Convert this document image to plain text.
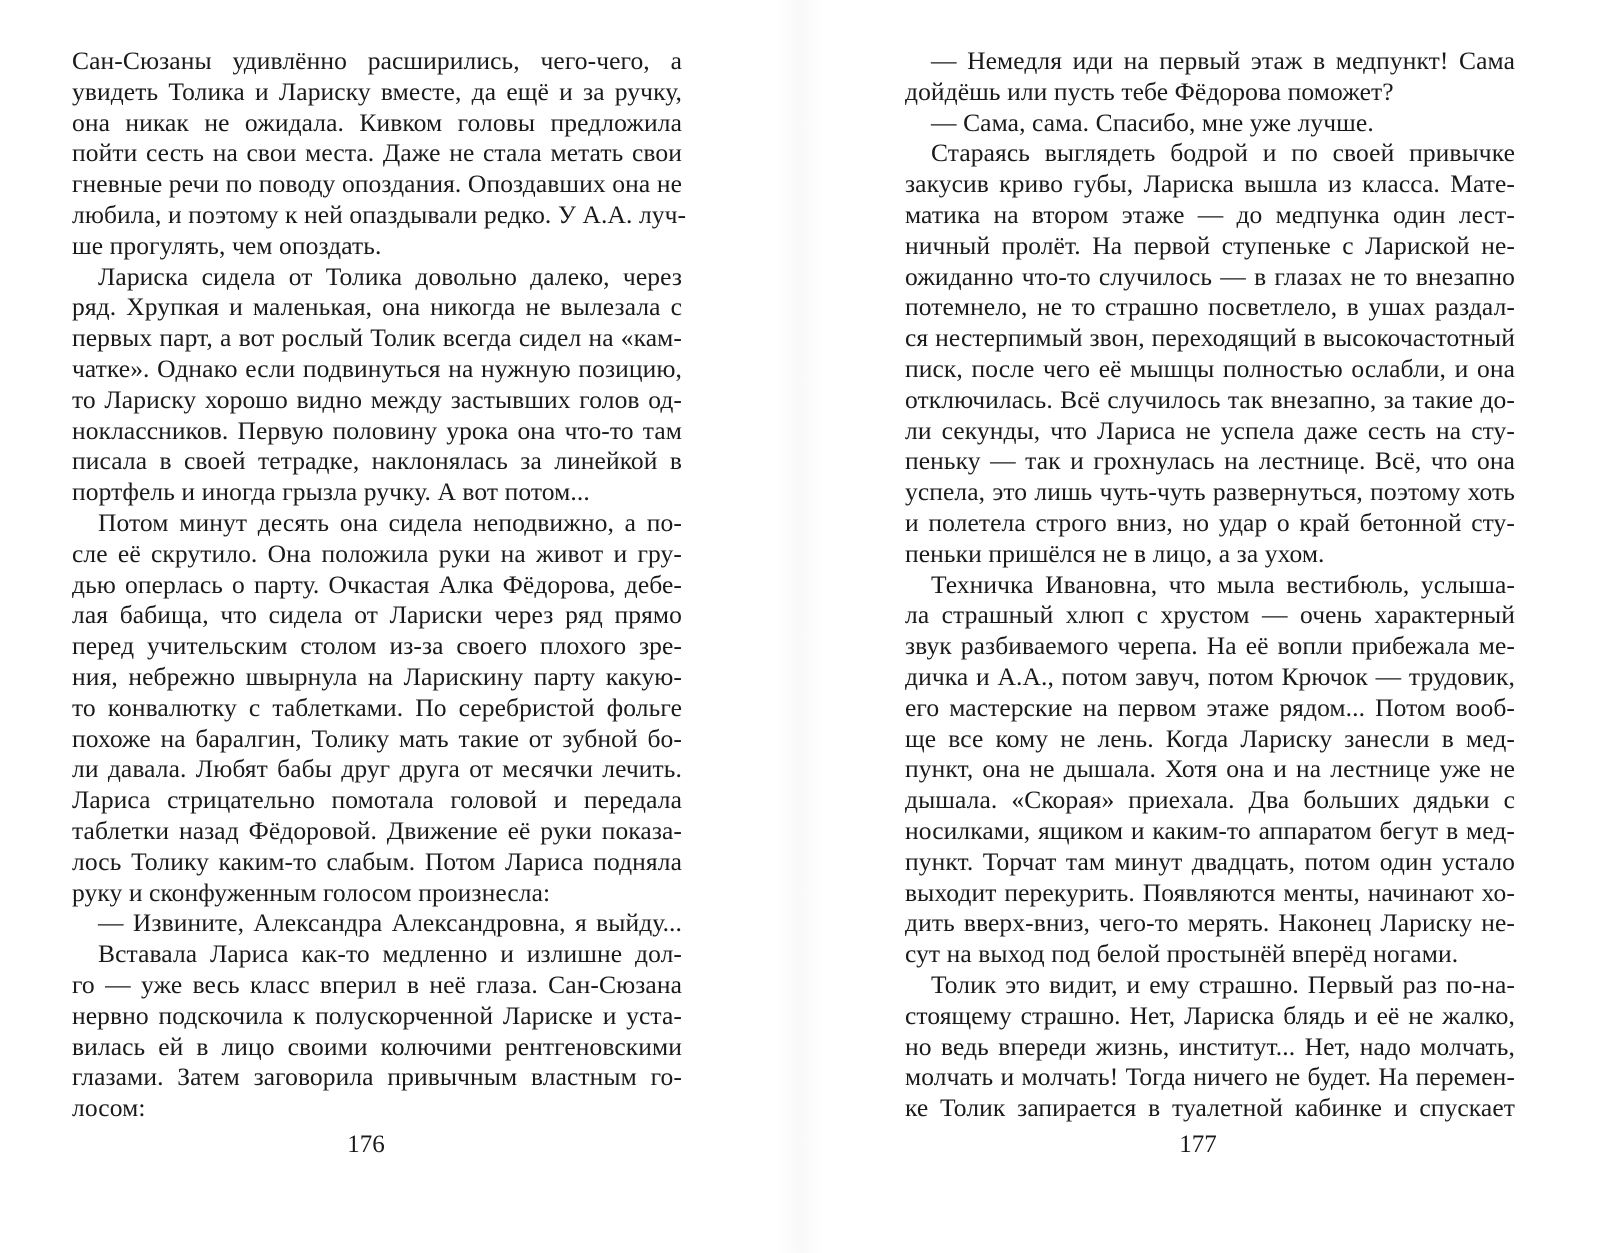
Сан-Сюзаны удивлённо расширились, чего-чего, а
увидеть Толика и Лариску вместе, да ещё и за ручку,
она никак не ожидала. Кивком головы предложила
пойти сесть на свои места. Даже не стала метать свои
гневные речи по поводу опоздания. Опоздавших она не
любила, и поэтому к ней опаздывали редко. У А.А. луч-
ше прогулять, чем опоздать.
Лариска сидела от Толика довольно далеко, через
ряд. Хрупкая и маленькая, она никогда не вылезала с
первых парт, а вот рослый Толик всегда сидел на «кам-
чатке». Однако если подвинуться на нужную позицию,
то Лариску хорошо видно между застывших голов од-
ноклассников. Первую половину урока она что-то там
писала в своей тетрадке, наклонялась за линейкой в
портфель и иногда грызла ручку. А вот потом...
Потом минут десять она сидела неподвижно, а по-
сле её скрутило. Она положила руки на живот и гру-
дью оперлась о парту. Очкастая Алка Фёдорова, дебе-
лая бабища, что сидела от Лариски через ряд прямо
перед учительским столом из-за своего плохого зре-
ния, небрежно швырнула на Ларискину парту какую-
то конвалютку с таблетками. По серебристой фольге
похоже на баралгин, Толику мать такие от зубной бо-
ли давала. Любят бабы друг друга от месячки лечить.
Лариса стрицательно помотала головой и передала
таблетки назад Фёдоровой. Движение её руки показа-
лось Толику каким-то слабым. Потом Лариса подняла
руку и сконфуженным голосом произнесла:
— Извините, Александра Александровна, я выйду...
Вставала Лариса как-то медленно и излишне дол-
го — уже весь класс вперил в неё глаза. Сан-Сюзана
нервно подскочила к полускорченной Лариске и уста-
вилась ей в лицо своими колючими рентгеновскими
глазами. Затем заговорила привычным властным го-
лосом:
176
— Немедля иди на первый этаж в медпункт! Сама
дойдёшь или пусть тебе Фёдорова поможет?
— Сама, сама. Спасибо, мне уже лучше.
Стараясь выглядеть бодрой и по своей привычке
закусив криво губы, Лариска вышла из класса. Мате-
матика на втором этаже — до медпунка один лест-
ничный пролёт. На первой ступеньке с Лариской не-
ожиданно что-то случилось — в глазах не то внезапно
потемнело, не то страшно посветлело, в ушах раздал-
ся нестерпимый звон, переходящий в высокочастотный
писк, после чего её мышцы полностью ослабли, и она
отключилась. Всё случилось так внезапно, за такие до-
ли секунды, что Лариса не успела даже сесть на сту-
пеньку — так и грохнулась на лестнице. Всё, что она
успела, это лишь чуть-чуть развернуться, поэтому хоть
и полетела строго вниз, но удар о край бетонной сту-
пеньки пришёлся не в лицо, а за ухом.
Техничка Ивановна, что мыла вестибюль, услыша-
ла страшный хлюп с хрустом — очень характерный
звук разбиваемого черепа. На её вопли прибежала ме-
дичка и А.А., потом завуч, потом Крючок — трудовик,
его мастерские на первом этаже рядом... Потом вооб-
ще все кому не лень. Когда Лариску занесли в мед-
пункт, она не дышала. Хотя она и на лестнице уже не
дышала. «Скорая» приехала. Два больших дядьки с
носилками, ящиком и каким-то аппаратом бегут в мед-
пункт. Торчат там минут двадцать, потом один устало
выходит перекурить. Появляются менты, начинают хо-
дить вверх-вниз, чего-то мерять. Наконец Лариску не-
сут на выход под белой простынёй вперёд ногами.
Толик это видит, и ему страшно. Первый раз по-на-
стоящему страшно. Нет, Лариска блядь и её не жалко,
но ведь впереди жизнь, институт... Нет, надо молчать,
молчать и молчать! Тогда ничего не будет. На перемен-
ке Толик запирается в туалетной кабинке и спускает
177
